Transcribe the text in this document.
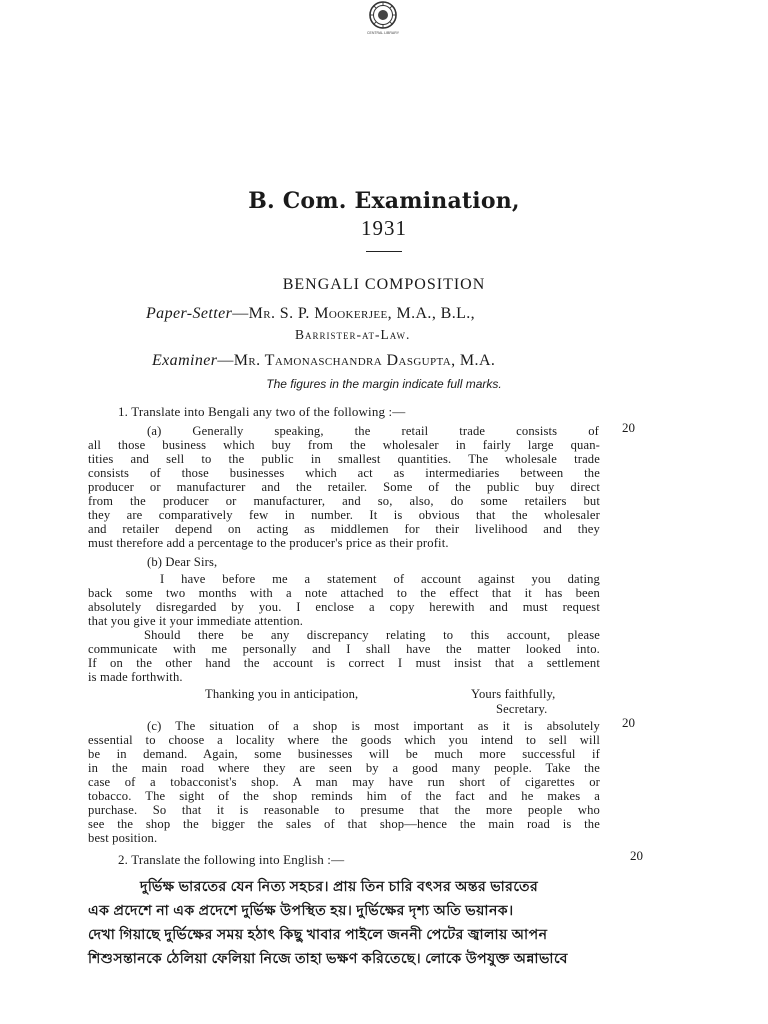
CENTRAL LIBRARY
B. Com. Examination,
1931
BENGALI COMPOSITION
Paper-Setter—Mr. S. P. Mookerjee, M.A., B.L.,
Barrister-at-Law.
Examiner—Mr. Tamonaschandra Dasgupta, M.A.
The figures in the margin indicate full marks.
1. Translate into Bengali any two of the following :—
20
(a) Generally speaking, the retail trade consists of
all those business which buy from the wholesaler in fairly large quan-
tities and sell to the public in smallest quantities. The wholesale trade
consists of those businesses which act as intermediaries between the
producer or manufacturer and the retailer. Some of the public buy direct
from the producer or manufacturer, and so, also, do some retailers but
they are comparatively few in number. It is obvious that the wholesaler
and retailer depend on acting as middlemen for their livelihood and they
must therefore add a percentage to the producer's price as their profit.
(b) Dear Sirs,
I have before me a statement of account against you dating
back some two months with a note attached to the effect that it has been
absolutely disregarded by you. I enclose a copy herewith and must request
that you give it your immediate attention.
Should there be any discrepancy relating to this account, please
communicate with me personally and I shall have the matter looked into.
If on the other hand the account is correct I must insist that a settlement
is made forthwith.
Thanking you in anticipation,	Yours faithfully,
Secretary.
20
(c) The situation of a shop is most important as it is absolutely
essential to choose a locality where the goods which you intend to sell will
be in demand. Again, some businesses will be much more successful if
in the main road where they are seen by a good many people. Take the
case of a tobacconist's shop. A man may have run short of cigarettes or
tobacco. The sight of the shop reminds him of the fact and he makes a
purchase. So that it is reasonable to presume that the more people who
see the shop the bigger the sales of that shop—hence the main road is the
best position.
20
2. Translate the following into English :—
দুর্ভিক্ষ ভারতের যেন নিত্য সহচর। প্রায় তিন চারি বৎসর অন্তর ভারতের
এক প্রদেশে না এক প্রদেশে দুর্ভিক্ষ উপস্থিত হয়। দুর্ভিক্ষের দৃশ্য অতি ভয়ানক।
দেখা গিয়াছে দুর্ভিক্ষের সময় হঠাৎ কিছু খাবার পাইলে জননী পেটের জ্বালায় আপন
শিশুসন্তানকে ঠেলিয়া ফেলিয়া নিজে তাহা ভক্ষণ করিতেছে। লোকে উপযুক্ত অন্নাভাবে
